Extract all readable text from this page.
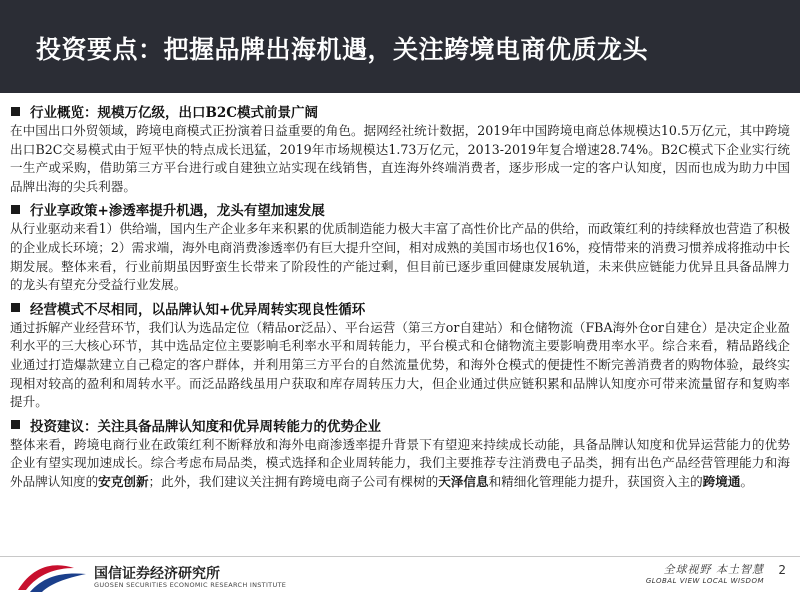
投资要点：把握品牌出海机遇，关注跨境电商优质龙头
行业概览：规模万亿级，出口B2C模式前景广阔
在中国出口外贸领域，跨境电商模式正扮演着日益重要的角色。据网经社统计数据，2019年中国跨境电商总体规模达10.5万亿元，其中跨境出口B2C交易模式由于短平快的特点成长迅猛，2019年市场规模达1.73万亿元，2013-2019年复合增速28.74%。B2C模式下企业实行统一生产或采购，借助第三方平台进行或自建独立站实现在线销售，直连海外终端消费者，逐步形成一定的客户认知度，因而也成为助力中国品牌出海的尖兵利器。
行业享政策+渗透率提升机遇，龙头有望加速发展
从行业驱动来看1）供给端，国内生产企业多年来积累的优质制造能力极大丰富了高性价比产品的供给，而政策红利的持续释放也营造了积极的企业成长环境；2）需求端，海外电商消费渗透率仍有巨大提升空间，相对成熟的美国市场也仅16%，疫情带来的消费习惯养成将推动中长期发展。整体来看，行业前期虽因野蛮生长带来了阶段性的产能过剩，但目前已逐步重回健康发展轨道，未来供应链能力优异且具备品牌力的龙头有望充分受益行业发展。
经营模式不尽相同，以品牌认知+优异周转实现良性循环
通过拆解产业经营环节，我们认为选品定位（精品or泛品）、平台运营（第三方or自建站）和仓储物流（FBA海外仓or自建仓）是决定企业盈利水平的三大核心环节，其中选品定位主要影响毛利率水平和周转能力，平台模式和仓储物流主要影响费用率水平。综合来看，精品路线企业通过打造爆款建立自己稳定的客户群体，并利用第三方平台的自然流量优势，和海外仓模式的便捷性不断完善消费者的购物体验，最终实现相对较高的盈利和周转水平。而泛品路线虽用户获取和库存周转压力大，但企业通过供应链积累和品牌认知度亦可带来流量留存和复购率提升。
投资建议：关注具备品牌认知度和优异周转能力的优势企业
整体来看，跨境电商行业在政策红利不断释放和海外电商渗透率提升背景下有望迎来持续成长动能，具备品牌认知度和优异运营能力的优势企业有望实现加速成长。综合考虑布局品类，模式选择和企业周转能力，我们主要推荐专注消费电子品类，拥有出色产品经营管理能力和海外品牌认知度的安克创新；此外，我们建议关注拥有跨境电商子公司有棵树的天泽信息和精细化管理能力提升，获国资入主的跨境通。
国信证券经济研究所
GUOSEN SECURITIES ECONOMIC RESEARCH INSTITUTE
全球视野 本土智慧
GLOBAL VIEW LOCAL WISDOM
2
